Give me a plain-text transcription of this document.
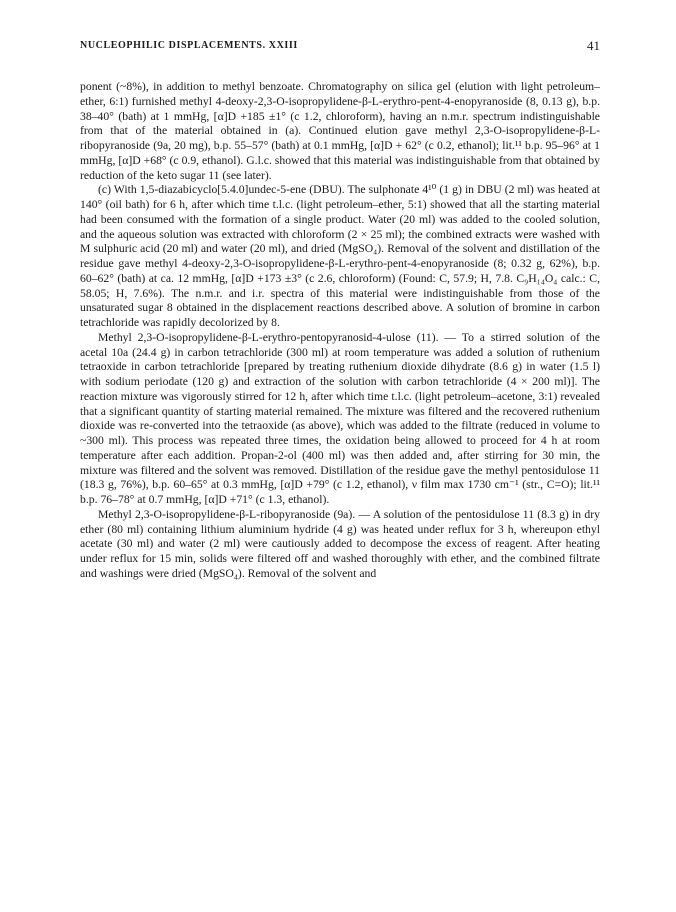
NUCLEOPHILIC DISPLACEMENTS. XXIII	41

ponent (~8%), in addition to methyl benzoate. Chromatography on silica gel (elution with light petroleum–ether, 6:1) furnished methyl 4-deoxy-2,3-O-isopropylidene-β-L-erythro-pent-4-enopyranoside (8, 0.13 g), b.p. 38–40° (bath) at 1 mmHg, [α]D +185 ±1° (c 1.2, chloroform), having an n.m.r. spectrum indistinguishable from that of the material obtained in (a). Continued elution gave methyl 2,3-O-isopropylidene-β-L-ribopyranoside (9a, 20 mg), b.p. 55–57° (bath) at 0.1 mmHg, [α]D + 62° (c 0.2, ethanol); lit.¹¹ b.p. 95–96° at 1 mmHg, [α]D +68° (c 0.9, ethanol). G.l.c. showed that this material was indistinguishable from that obtained by reduction of the keto sugar 11 (see later).

(c) With 1,5-diazabicyclo[5.4.0]undec-5-ene (DBU). The sulphonate 4¹⁰ (1 g) in DBU (2 ml) was heated at 140° (oil bath) for 6 h, after which time t.l.c. (light petroleum–ether, 5:1) showed that all the starting material had been consumed with the formation of a single product. Water (20 ml) was added to the cooled solution, and the aqueous solution was extracted with chloroform (2 × 25 ml); the combined extracts were washed with M sulphuric acid (20 ml) and water (20 ml), and dried (MgSO₄). Removal of the solvent and distillation of the residue gave methyl 4-deoxy-2,3-O-isopropylidene-β-L-erythro-pent-4-enopyranoside (8; 0.32 g, 62%), b.p. 60–62° (bath) at ca. 12 mmHg, [α]D +173 ±3° (c 2.6, chloroform) (Found: C, 57.9; H, 7.8. C₉H₁₄O₄ calc.: C, 58.05; H, 7.6%). The n.m.r. and i.r. spectra of this material were indistinguishable from those of the unsaturated sugar 8 obtained in the displacement reactions described above. A solution of bromine in carbon tetrachloride was rapidly decolorized by 8.

Methyl 2,3-O-isopropylidene-β-L-erythro-pentopyranosid-4-ulose (11). — To a stirred solution of the acetal 10a (24.4 g) in carbon tetrachloride (300 ml) at room temperature was added a solution of ruthenium tetraoxide in carbon tetrachloride [prepared by treating ruthenium dioxide dihydrate (8.6 g) in water (1.5 l) with sodium periodate (120 g) and extraction of the solution with carbon tetrachloride (4 × 200 ml)]. The reaction mixture was vigorously stirred for 12 h, after which time t.l.c. (light petroleum–acetone, 3:1) revealed that a significant quantity of starting material remained. The mixture was filtered and the recovered ruthenium dioxide was re-converted into the tetraoxide (as above), which was added to the filtrate (reduced in volume to ~300 ml). This process was repeated three times, the oxidation being allowed to proceed for 4 h at room temperature after each addition. Propan-2-ol (400 ml) was then added and, after stirring for 30 min, the mixture was filtered and the solvent was removed. Distillation of the residue gave the methyl pentosidulose 11 (18.3 g, 76%), b.p. 60–65° at 0.3 mmHg, [α]D +79° (c 1.2, ethanol), ν film max 1730 cm⁻¹ (str., C=O); lit.¹¹ b.p. 76–78° at 0.7 mmHg, [α]D +71° (c 1.3, ethanol).

Methyl 2,3-O-isopropylidene-β-L-ribopyranoside (9a). — A solution of the pentosidulose 11 (8.3 g) in dry ether (80 ml) containing lithium aluminium hydride (4 g) was heated under reflux for 3 h, whereupon ethyl acetate (30 ml) and water (2 ml) were cautiously added to decompose the excess of reagent. After heating under reflux for 15 min, solids were filtered off and washed thoroughly with ether, and the combined filtrate and washings were dried (MgSO₄). Removal of the solvent and
